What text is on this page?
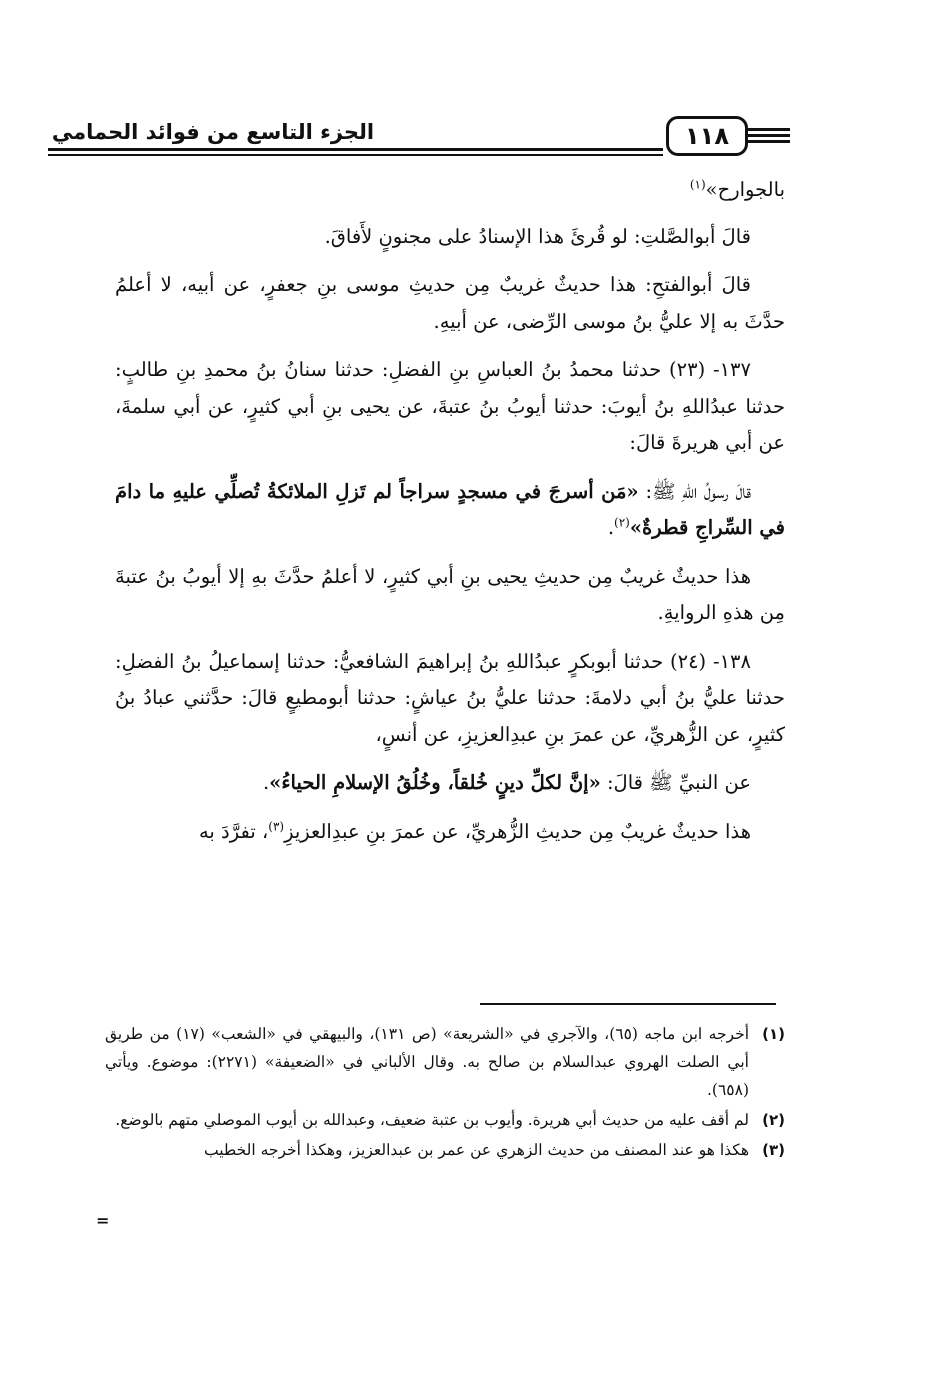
الجزء التاسع من فوائد الحمامي	١١٨

بالجوارح»$^{(١)}$

قالَ أبوالصَّلتِ: لو قُرئَ هذا الإسنادُ على مجنونٍ لأَفاقَ.

قالَ أبوالفتحِ: هذا حديثٌ غريبٌ مِن حديثِ موسى بنِ جعفرٍ، عن أبيه، لا أعلمُ حدَّثَ به إلا عليُّ بنُ موسى الرِّضى، عن أبيهِ.

١٣٧- (٢٣) حدثنا محمدُ بنُ العباسِ بنِ الفضلِ: حدثنا سنانُ بنُ محمدِ بنِ طالبٍ: حدثنا عبدُاللهِ بنُ أيوبَ: حدثنا أيوبُ بنُ عتبةَ، عن يحيى بنِ أبي كثيرٍ، عن أبي سلمةَ، عن أبي هريرةَ قالَ:

قالَ رسولُ اللهِ ﷺ: «مَن أسرجَ في مسجدٍ سراجاً لم تَزلِ الملائكةُ تُصلِّي عليهِ ما دامَ في السِّراجِ قطرةٌ»$^{(٢)}$.

هذا حديثٌ غريبٌ مِن حديثِ يحيى بنِ أبي كثيرٍ، لا أعلمُ حدَّثَ بهِ إلا أيوبُ بنُ عتبةَ مِن هذهِ الروايةِ.

١٣٨- (٢٤) حدثنا أبوبكرٍ عبدُاللهِ بنُ إبراهيمَ الشافعيُّ: حدثنا إسماعيلُ بنُ الفضلِ: حدثنا عليُّ بنُ أبي دلامةَ: حدثنا عليُّ بنُ عياشٍ: حدثنا أبومطيعٍ قالَ: حدَّثني عبادُ بنُ كثيرٍ، عن الزُّهريِّ، عن عمرَ بنِ عبدِالعزيزِ، عن أنسٍ،

عن النبيِّ ﷺ قالَ: «إنَّ لكلِّ دينٍ خُلقاً، وخُلُقُ الإسلامِ الحياءُ».

هذا حديثٌ غريبٌ مِن حديثِ الزُّهريِّ، عن عمرَ بنِ عبدِالعزيزِ$^{(٣)}$، تفرَّدَ به

(١)
أخرجه ابن ماجه (٦٥)، والآجري في «الشريعة» (ص ١٣١)، والبيهقي في «الشعب» (١٧) من طريق أبي الصلت الهروي عبدالسلام بن صالح به. وقال الألباني في «الضعيفة» (٢٢٧١): موضوع. ويأتي (٦٥٨).
(٢)
لم أقف عليه من حديث أبي هريرة. وأيوب بن عتبة ضعيف، وعبدالله بن أيوب الموصلي متهم بالوضع.
(٣)
هكذا هو عند المصنف من حديث الزهري عن عمر بن عبدالعزيز، وهكذا أخرجه الخطيب
=
